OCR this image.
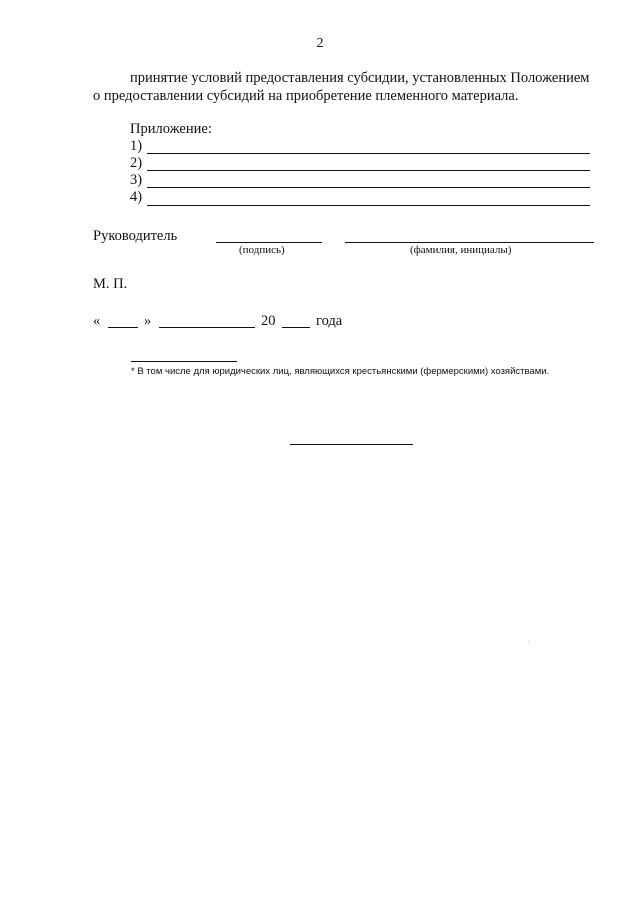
2
принятие условий предоставления субсидии, установленных Положением
о предоставлении субсидий на приобретение племенного материала.
Приложение:
1)
2)
3)
4)
Руководитель
(подпись)	(фамилия, инициалы)
М. П.
«	»	20	года
* В том числе для юридических лиц, являющихся крестьянскими (фермерскими) хозяйствами.
